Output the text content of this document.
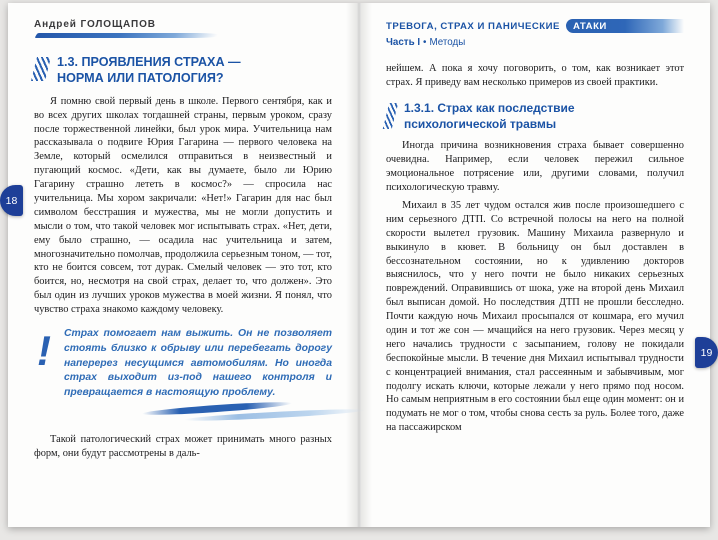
Андрей ГОЛОЩАПОВ
1.3. ПРОЯВЛЕНИЯ СТРАХА —
НОРМА ИЛИ ПАТОЛОГИЯ?

Я помню свой первый день в школе. Первого сентября, как и во всех других школах тогдашней страны, первым уроком, сразу после торжественной линейки, был урок мира. Учительница нам рассказывала о подвиге Юрия Гагарина — первого человека на Земле, который осмелился отправиться в неизвестный и пугающий космос. «Дети, как вы думаете, было ли Юрию Гагарину страшно лететь в космос?» — спросила нас учительница. Мы хором закричали: «Нет!» Гагарин для нас был символом бесстрашия и мужества, мы не могли допустить и мысли о том, что такой человек мог испытывать страх. «Нет, дети, ему было страшно, — осадила нас учительница и затем, многозначительно помолчав, продолжила серьезным тоном, — тот, кто не боится совсем, тот дурак. Смелый человек — это тот, кто боится, но, несмотря на свой страх, делает то, что должен». Это был один из лучших уроков мужества в моей жизни. Я понял, что чувство страха знакомо каждому человеку.

! Страх помогает нам выжить. Он не позволяет стоять близко к обрыву или перебегать дорогу наперерез несущимся автомобилям. Но иногда страх выходит из-под нашего контроля и превращается в настоящую проблему.

Такой патологический страх может принимать много разных форм, они будут рассмотрены в даль-

ТРЕВОГА, СТРАХ И ПАНИЧЕСКИЕ	АТАКИ
Часть I • Методы

нейшем. А пока я хочу поговорить, о том, как возникает этот страх. Я приведу вам несколько примеров из своей практики.

1.3.1. Страх как последствие
психологической травмы

Иногда причина возникновения страха бывает совершенно очевидна. Например, если человек пережил сильное эмоциональное потрясение или, другими словами, получил психологическую травму.

Михаил в 35 лет чудом остался жив после произошедшего с ним серьезного ДТП. Со встречной полосы на него на полной скорости вылетел грузовик. Машину Михаила развернуло и выкинуло в кювет. В больницу он был доставлен в бессознательном состоянии, но к удивлению докторов выяснилось, что у него почти не было никаких серьезных повреждений. Оправившись от шока, уже на второй день Михаил был выписан домой. Но последствия ДТП не прошли бесследно. Почти каждую ночь Михаил просыпался от кошмара, его мучил один и тот же сон — мчащийся на него грузовик. Через месяц у него начались трудности с засыпанием, голову не покидали беспокойные мысли. В течение дня Михаил испытывал трудности с концентрацией внимания, стал рассеянным и забывчивым, мог подолгу искать ключи, которые лежали у него прямо под носом. Но самым неприятным в его состоянии был еще один момент: он и подумать не мог о том, чтобы снова сесть за руль. Более того, даже на пассажирском

18
19
